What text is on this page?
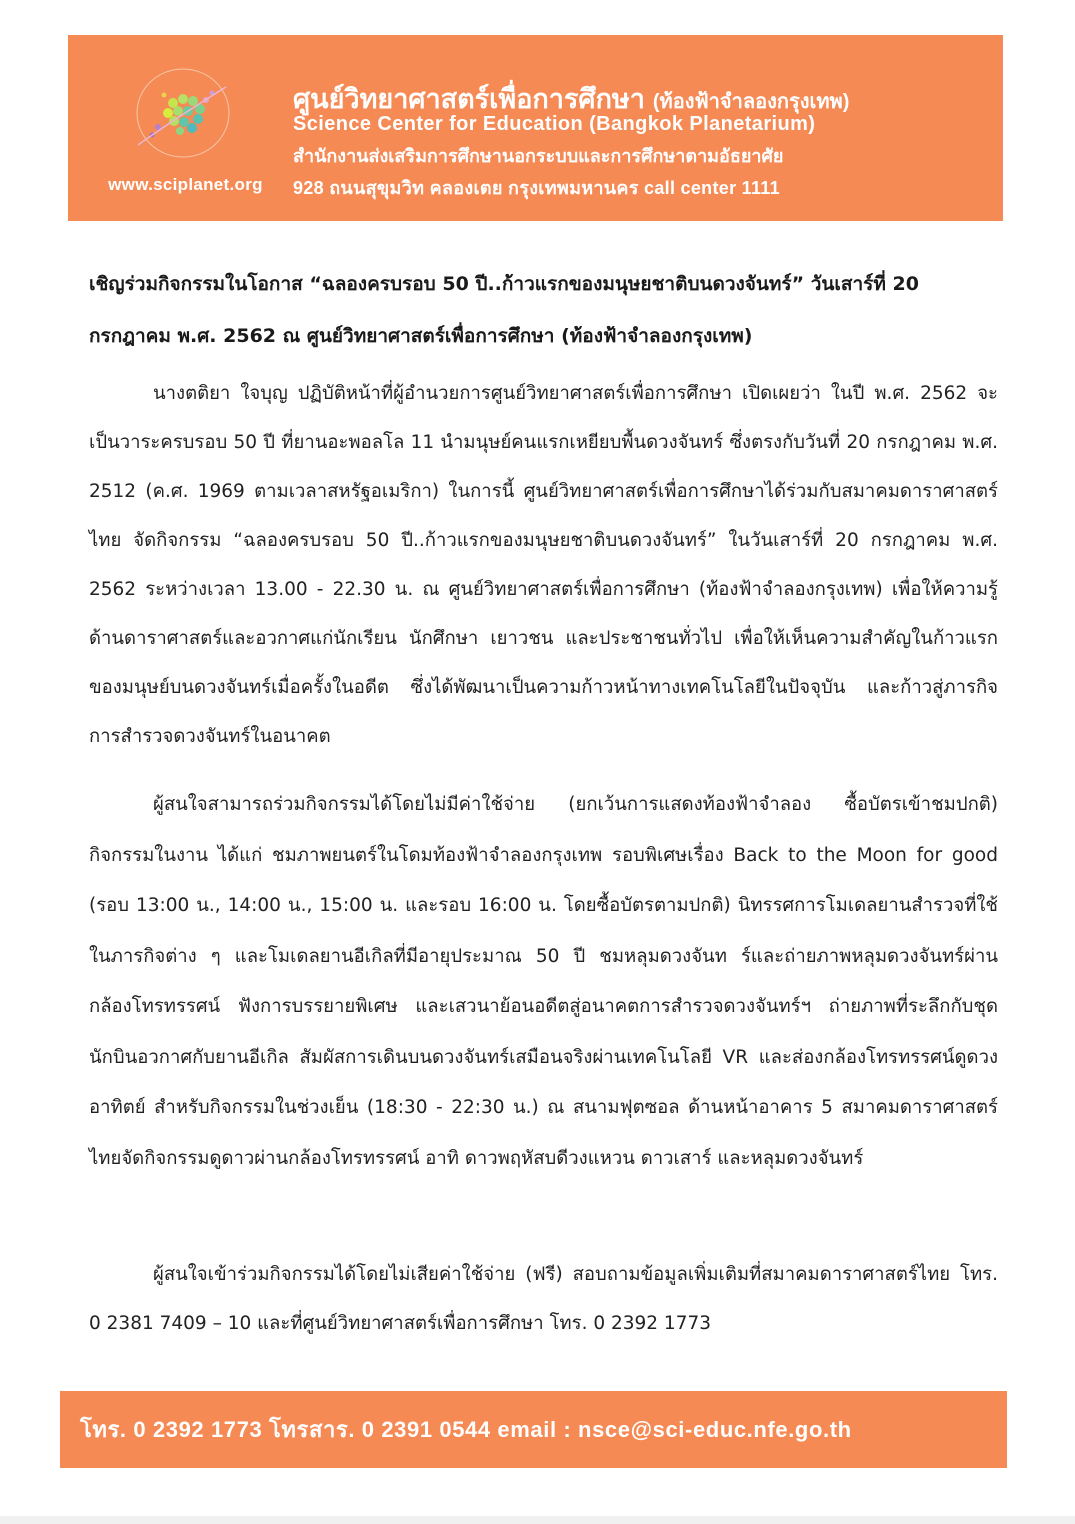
www.sciplanet.org
ศูนย์วิทยาศาสตร์เพื่อการศึกษา (ท้องฟ้าจำลองกรุงเทพ)
Science Center for Education (Bangkok Planetarium)
สำนักงานส่งเสริมการศึกษานอกระบบและการศึกษาตามอัธยาศัย
928 ถนนสุขุมวิท คลองเตย กรุงเทพมหานคร call center 1111
เชิญร่วมกิจกรรมในโอกาส “ฉลองครบรอบ 50 ปี..ก้าวแรกของมนุษยชาติบนดวงจันทร์” วันเสาร์ที่ 20 กรกฎาคม พ.ศ. 2562 ณ ศูนย์วิทยาศาสตร์เพื่อการศึกษา (ท้องฟ้าจำลองกรุงเทพ)

นางตติยา ใจบุญ ปฏิบัติหน้าที่ผู้อำนวยการศูนย์วิทยาศาสตร์เพื่อการศึกษา เปิดเผยว่า ในปี พ.ศ. 2562 จะเป็นวาระครบรอบ 50 ปี ที่ยานอะพอลโล 11 นำมนุษย์คนแรกเหยียบพื้นดวงจันทร์ ซึ่งตรงกับวันที่ 20 กรกฎาคม พ.ศ. 2512 (ค.ศ. 1969 ตามเวลาสหรัฐอเมริกา) ในการนี้ ศูนย์วิทยาศาสตร์เพื่อการศึกษาได้ร่วมกับสมาคมดาราศาสตร์ไทย จัดกิจกรรม “ฉลองครบรอบ 50 ปี..ก้าวแรกของมนุษยชาติบนดวงจันทร์” ในวันเสาร์ที่ 20 กรกฎาคม พ.ศ. 2562 ระหว่างเวลา 13.00 - 22.30 น. ณ ศูนย์วิทยาศาสตร์เพื่อการศึกษา (ท้องฟ้าจำลองกรุงเทพ) เพื่อให้ความรู้ด้านดาราศาสตร์และอวกาศแก่นักเรียน นักศึกษา เยาวชน และประชาชนทั่วไป เพื่อให้เห็นความสำคัญในก้าวแรกของมนุษย์บนดวงจันทร์เมื่อครั้งในอดีต ซึ่งได้พัฒนาเป็นความก้าวหน้าทางเทคโนโลยีในปัจจุบัน และก้าวสู่ภารกิจการสำรวจดวงจันทร์ในอนาคต

ผู้สนใจสามารถร่วมกิจกรรมได้โดยไม่มีค่าใช้จ่าย (ยกเว้นการแสดงท้องฟ้าจำลอง ซื้อบัตรเข้าชมปกติ) กิจกรรมในงาน ได้แก่ ชมภาพยนตร์ในโดมท้องฟ้าจำลองกรุงเทพ รอบพิเศษเรื่อง Back to the Moon for good (รอบ 13:00 น., 14:00 น., 15:00 น. และรอบ 16:00 น. โดยซื้อบัตรตามปกติ) นิทรรศการโมเดลยานสำรวจที่ใช้ในภารกิจต่าง ๆ และโมเดลยานอีเกิลที่มีอายุประมาณ 50 ปี ชมหลุมดวงจันท ร์และถ่ายภาพหลุมดวงจันทร์ผ่านกล้องโทรทรรศน์ ฟังการบรรยายพิเศษ และเสวนาย้อนอดีตสู่อนาคตการสำรวจดวงจันทร์ฯ ถ่ายภาพที่ระลึกกับชุดนักบินอวกาศกับยานอีเกิล สัมผัสการเดินบนดวงจันทร์เสมือนจริงผ่านเทคโนโลยี VR และส่องกล้องโทรทรรศน์ดูดวงอาทิตย์ สำหรับกิจกรรมในช่วงเย็น (18:30 - 22:30 น.) ณ สนามฟุตซอล ด้านหน้าอาคาร 5 สมาคมดาราศาสตร์ไทยจัดกิจกรรมดูดาวผ่านกล้องโทรทรรศน์ อาทิ ดาวพฤหัสบดีวงแหวน ดาวเสาร์ และหลุมดวงจันทร์

ผู้สนใจเข้าร่วมกิจกรรมได้โดยไม่เสียค่าใช้จ่าย (ฟรี) สอบถามข้อมูลเพิ่มเติมที่สมาคมดาราศาสตร์ไทย โทร. 0 2381 7409 – 10 และที่ศูนย์วิทยาศาสตร์เพื่อการศึกษา โทร. 0 2392 1773

โทร. 0 2392 1773 โทรสาร. 0 2391 0544 email : nsce@sci-educ.nfe.go.th
